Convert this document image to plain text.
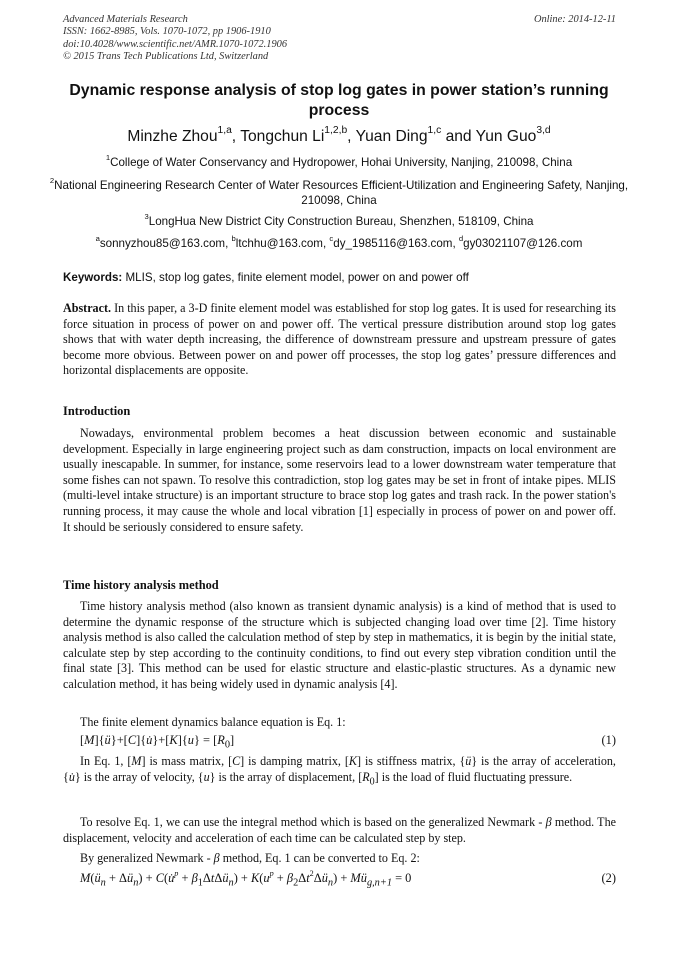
Advanced Materials Research
ISSN: 1662-8985, Vols. 1070-1072, pp 1906-1910
doi:10.4028/www.scientific.net/AMR.1070-1072.1906
© 2015 Trans Tech Publications Ltd, Switzerland
Online: 2014-12-11
Dynamic response analysis of stop log gates in power station’s running process
Minzhe Zhou$^{1,a}$, Tongchun Li$^{1,2,b}$, Yuan Ding$^{1,c}$ and Yun Guo$^{3,d}$
$^1$College of Water Conservancy and Hydropower, Hohai University, Nanjing, 210098, China
$^2$National Engineering Research Center of Water Resources Efficient-Utilization and Engineering Safety, Nanjing, 210098, China
$^3$LongHua New District City Construction Bureau, Shenzhen, 518109, China
$^a$sonnyzhou85@163.com, $^b$ltchhu@163.com, $^c$dy_1985116@163.com, $^d$gy03021107@126.com
Keywords: MLIS, stop log gates, finite element model, power on and power off
Abstract. In this paper, a 3-D finite element model was established for stop log gates. It is used for researching its force situation in process of power on and power off. The vertical pressure distribution around stop log gates shows that with water depth increasing, the difference of downstream pressure and upstream pressure of gates become more obvious. Between power on and power off processes, the stop log gates’ pressure differences and horizontal displacements are opposite.
Introduction
Nowadays, environmental problem becomes a heat discussion between economic and sustainable development. Especially in large engineering project such as dam construction, impacts on local environment are usually inescapable. In summer, for instance, some reservoirs lead to a lower downstream water temperature that some fishes can not spawn. To resolve this contradiction, stop log gates may be set in front of intake pipes. MLIS (multi-level intake structure) is an important structure to brace stop log gates and trash rack. In the power station's running process, it may cause the whole and local vibration [1] especially in process of power on and power off. It should be seriously considered to ensure safety.
Time history analysis method
Time history analysis method (also known as transient dynamic analysis) is a kind of method that is used to determine the dynamic response of the structure which is subjected changing load over time [2]. Time history analysis method is also called the calculation method of step by step in mathematics, it is begin by the initial state, calculate step by step according to the continuity conditions, to find out every step vibration condition until the final state [3]. This method can be used for elastic structure and elastic-plastic structures. As a dynamic new calculation method, it has being widely used in dynamic analysis [4].
The finite element dynamics balance equation is Eq. 1:
[M]{ü}+[C]{u̇}+[K]{u} = $[R_0]$	(1)
In Eq. 1, [M] is mass matrix, [C] is damping matrix, [K] is stiffness matrix, {ü} is the array of acceleration, {u̇} is the array of velocity, {u} is the array of displacement, $[R_0]$ is the load of fluid fluctuating pressure.
To resolve Eq. 1, we can use the integral method which is based on the generalized Newmark - β method. The displacement, velocity and acceleration of each time can be calculated step by step.
By generalized Newmark - β method, Eq. 1 can be converted to Eq. 2:
$M(ü_n$ + $\Delta ü_n$) + C(u̇$^p$ + $\beta_1\Delta t\Delta ü_n) + K(u^p$ + $\beta_2\Delta t^2\Delta ü_n$) + $Mü_{g,n+1} = 0$	(2)
